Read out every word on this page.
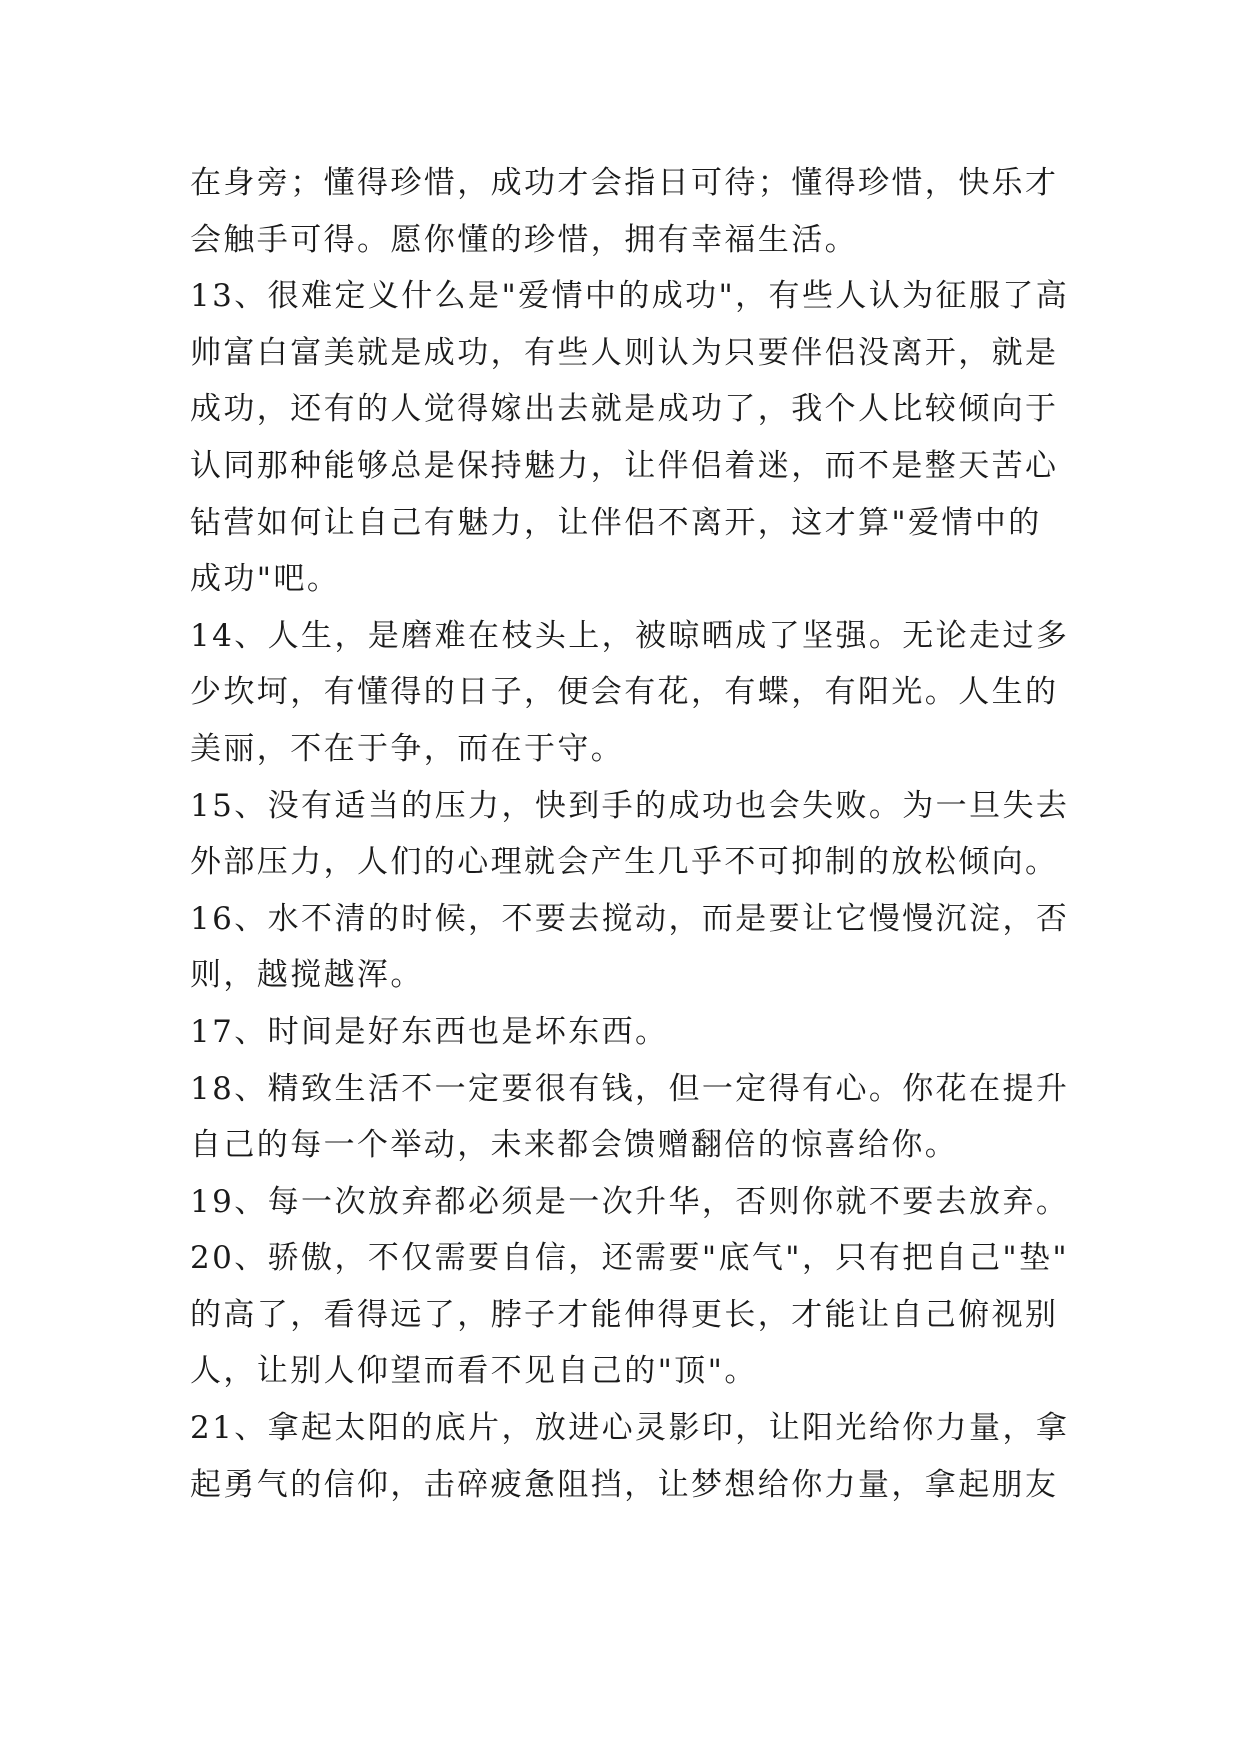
在身旁；懂得珍惜，成功才会指日可待；懂得珍惜，快乐才
会触手可得。愿你懂的珍惜，拥有幸福生活。
13、很难定义什么是"爱情中的成功"，有些人认为征服了高
帅富白富美就是成功，有些人则认为只要伴侣没离开，就是
成功，还有的人觉得嫁出去就是成功了，我个人比较倾向于
认同那种能够总是保持魅力，让伴侣着迷，而不是整天苦心
钻营如何让自己有魅力，让伴侣不离开，这才算"爱情中的
成功"吧。
14、人生，是磨难在枝头上，被晾晒成了坚强。无论走过多
少坎坷，有懂得的日子，便会有花，有蝶，有阳光。人生的
美丽，不在于争，而在于守。
15、没有适当的压力，快到手的成功也会失败。为一旦失去
外部压力，人们的心理就会产生几乎不可抑制的放松倾向。
16、水不清的时候，不要去搅动，而是要让它慢慢沉淀，否
则，越搅越浑。
17、时间是好东西也是坏东西。
18、精致生活不一定要很有钱，但一定得有心。你花在提升
自己的每一个举动，未来都会馈赠翻倍的惊喜给你。
19、每一次放弃都必须是一次升华，否则你就不要去放弃。
20、骄傲，不仅需要自信，还需要"底气"，只有把自己"垫"
的高了，看得远了，脖子才能伸得更长，才能让自己俯视别
人，让别人仰望而看不见自己的"顶"。
21、拿起太阳的底片，放进心灵影印，让阳光给你力量，拿
起勇气的信仰，击碎疲惫阻挡，让梦想给你力量，拿起朋友
